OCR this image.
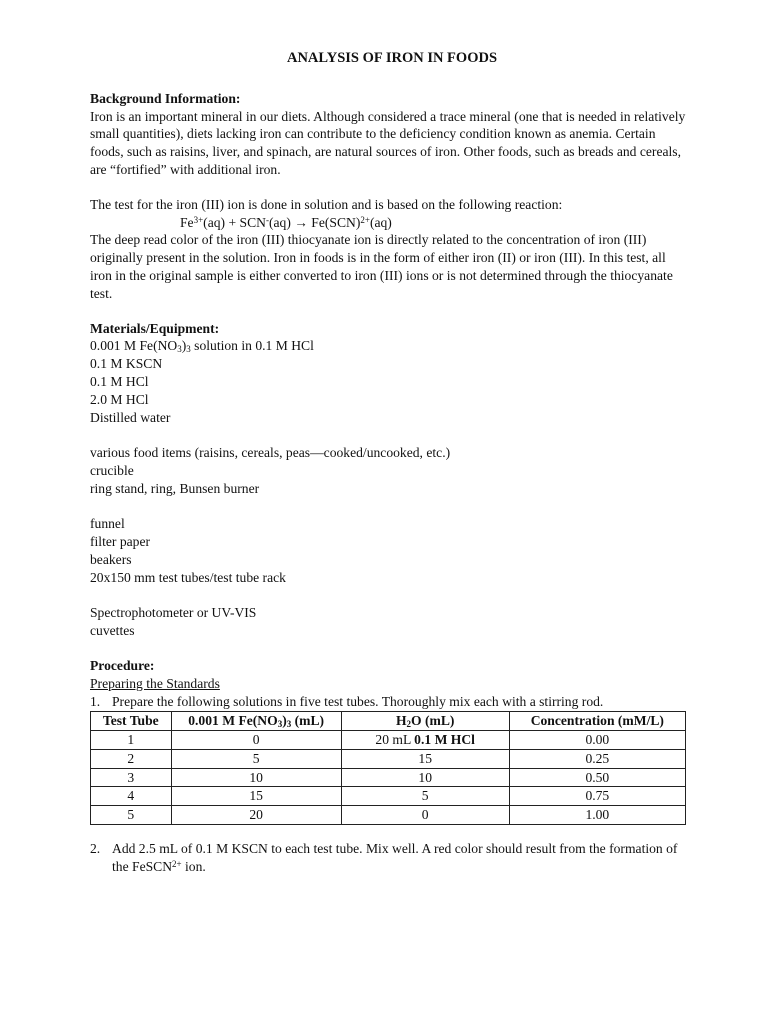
ANALYSIS OF IRON IN FOODS
Background Information:

Iron is an important mineral in our diets. Although considered a trace mineral (one that is needed in relatively small quantities), diets lacking iron can contribute to the deficiency condition known as anemia. Certain foods, such as raisins, liver, and spinach, are natural sources of iron. Other foods, such as breads and cereals, are “fortified” with additional iron.

The test for the iron (III) ion is done in solution and is based on the following reaction:

$Fe^{3+}(aq) + SCN^-(aq) \to Fe(SCN)^{2+}(aq)$

The deep read color of the iron (III) thiocyanate ion is directly related to the concentration of iron (III) originally present in the solution. Iron in foods is in the form of either iron (II) or iron (III). In this test, all iron in the original sample is either converted to iron (III) ions or is not determined through the thiocyanate test.

Materials/Equipment:

0.001 M $Fe(NO_3)_3$ solution in 0.1 M HCl

0.1 M KSCN

0.1 M HCl

2.0 M HCl

Distilled water

various food items (raisins, cereals, peas—cooked/uncooked, etc.)

crucible

ring stand, ring, Bunsen burner

funnel

filter paper

beakers

20x150 mm test tubes/test tube rack

Spectrophotometer or UV-VIS

cuvettes

Procedure:

Preparing the Standards

1. Prepare the following solutions in five test tubes. Thoroughly mix each with a stirring rod.
Test Tube	0.001 M $Fe(NO_3)_3$ (mL)	$H_2O$ (mL)	Concentration (mM/L)
1	0	20 mL 0.1 M HCl	0.00
2	5	15	0.25
3	10	10	0.50
4	15	5	0.75
5	20	0	1.00
2. Add 2.5 mL of 0.1 M KSCN to each test tube. Mix well. A red color should result from the formation of the FeSCN$^{2+}$ ion.
